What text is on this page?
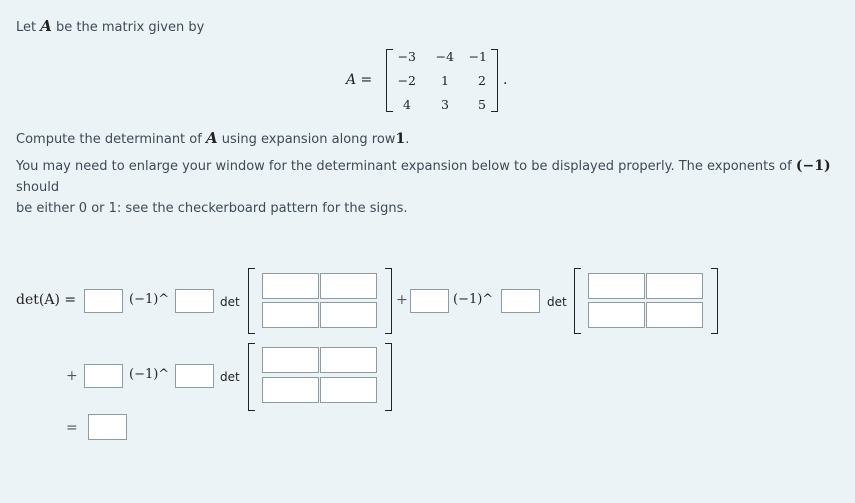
Let A be the matrix given by
A =
−3	−4	−1
−2	1	2
4	3	5
.
Compute the determinant of A using expansion along row1.
You may need to enlarge your window for the determinant expansion below to be displayed properly. The exponents of (−1) should
be either 0 or 1: see the checkerboard pattern for the signs.
det(A) =	(−1)^	det	+	(−1)^	det
+	(−1)^	det
=
